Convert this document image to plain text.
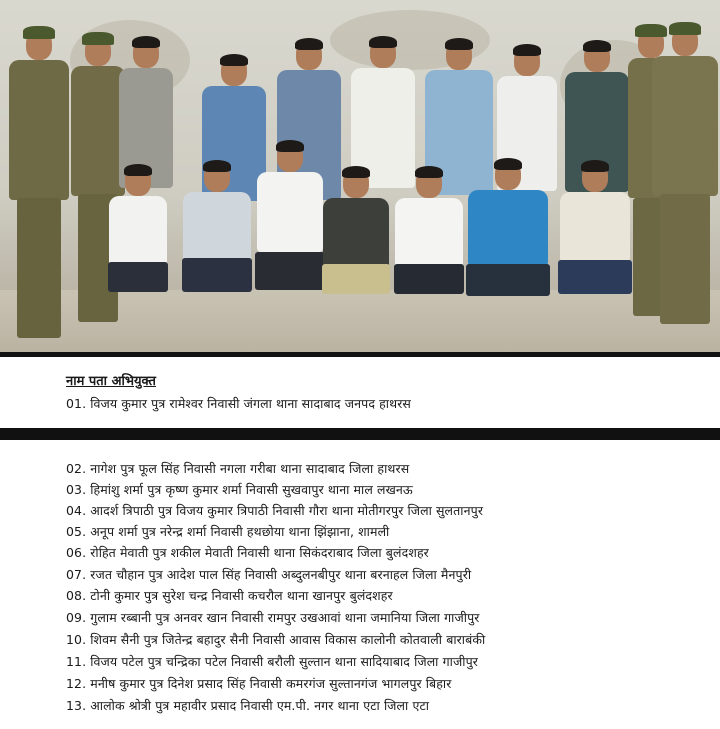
नाम पता अभियुक्त
01. विजय कुमार पुत्र रामेश्वर निवासी जंगला थाना सादाबाद जनपद हाथरस
02. नागेश पुत्र फूल सिंह निवासी नगला गरीबा थाना सादाबाद जिला हाथरस
03. हिमांशु शर्मा पुत्र कृष्ण कुमार शर्मा निवासी सुखवापुर थाना माल लखनऊ
04. आदर्श त्रिपाठी पुत्र विजय कुमार त्रिपाठी निवासी गौरा थाना मोतीगरपुर जिला सुलतानपुर
05. अनूप शर्मा पुत्र नरेन्द्र शर्मा निवासी हथछोया थाना झिंझाना, शामली
06. रोहित मेवाती पुत्र शकील मेवाती निवासी थाना सिकंदराबाद जिला बुलंदशहर
07. रजत चौहान पुत्र आदेश पाल सिंह निवासी अब्दुलनबीपुर थाना बरनाहल जिला मैनपुरी
08. टोनी कुमार पुत्र सुरेश चन्द्र निवासी कचरौल थाना खानपुर बुलंदशहर
09. गुलाम रब्बानी पुत्र अनवर खान निवासी रामपुर उखआवां थाना जमानिया जिला गाजीपुर
10. शिवम सैनी पुत्र जितेन्द्र बहादुर सैनी निवासी आवास विकास कालोनी कोतवाली बाराबंकी
11. विजय पटेल पुत्र चन्द्रिका पटेल निवासी बरौली सुल्तान थाना सादियाबाद जिला गाजीपुर
12. मनीष कुमार पुत्र दिनेश प्रसाद सिंह निवासी कमरगंज सुल्तानगंज भागलपुर बिहार
13. आलोक श्रोत्री पुत्र महावीर प्रसाद निवासी एम.पी. नगर थाना एटा जिला एटा
